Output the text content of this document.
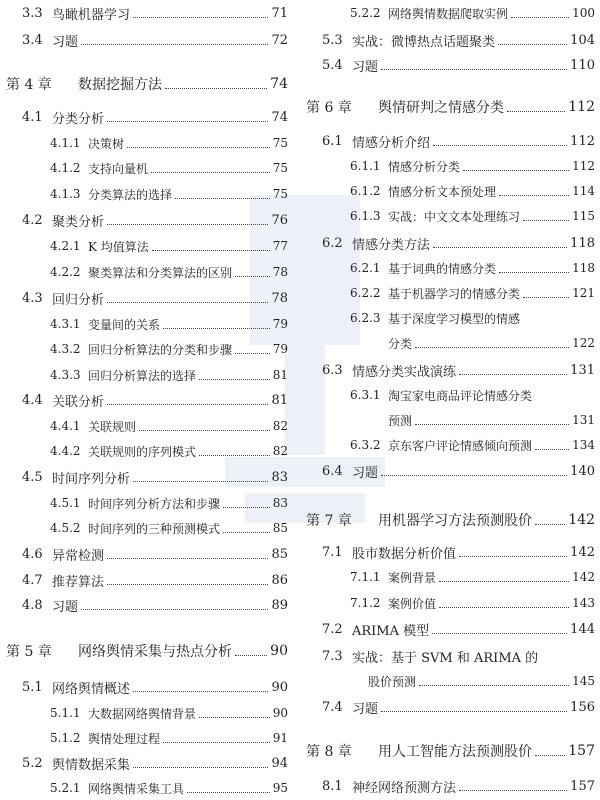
3.3 鸟瞰机器学习	71
3.4 习题	72
第 4 章	数据挖掘方法	74
4.1 分类分析	74
4.1.1 决策树	75
4.1.2 支持向量机	75
4.1.3 分类算法的选择	75
4.2 聚类分析	76
4.2.1 K 均值算法	77
4.2.2 聚类算法和分类算法的区别	78
4.3 回归分析	78
4.3.1 变量间的关系	79
4.3.2 回归分析算法的分类和步骤	79
4.3.3 回归分析算法的选择	81
4.4 关联分析	81
4.4.1 关联规则	82
4.4.2 关联规则的序列模式	82
4.5 时间序列分析	83
4.5.1 时间序列分析方法和步骤	83
4.5.2 时间序列的三种预测模式	85
4.6 异常检测	85
4.7 推荐算法	86
4.8 习题	89
第 5 章	网络舆情采集与热点分析	90
5.1 网络舆情概述	90
5.1.1 大数据网络舆情背景	90
5.1.2 舆情处理过程	91
5.2 舆情数据采集	94
5.2.1 网络舆情采集工具	95
5.2.2 网络舆情数据爬取实例	100
5.3 实战：微博热点话题聚类	104
5.4 习题	110
第 6 章	舆情研判之情感分类	112
6.1 情感分析介绍	112
6.1.1 情感分析分类	112
6.1.2 情感分析文本预处理	114
6.1.3 实战：中文文本处理练习	115
6.2 情感分类方法	118
6.2.1 基于词典的情感分类	118
6.2.2 基于机器学习的情感分类	121
6.2.3 基于深度学习模型的情感
分类	122
6.3 情感分类实战演练	131
6.3.1 淘宝家电商品评论情感分类
预测	131
6.3.2 京东客户评论情感倾向预测	134
6.4 习题	140
第 7 章	用机器学习方法预测股价	142
7.1 股市数据分析价值	142
7.1.1 案例背景	142
7.1.2 案例价值	143
7.2 ARIMA 模型	144
7.3 实战：基于 SVM 和 ARIMA 的
股价预测	145
7.4 习题	156
第 8 章	用人工智能方法预测股价	157
8.1 神经网络预测方法	157
